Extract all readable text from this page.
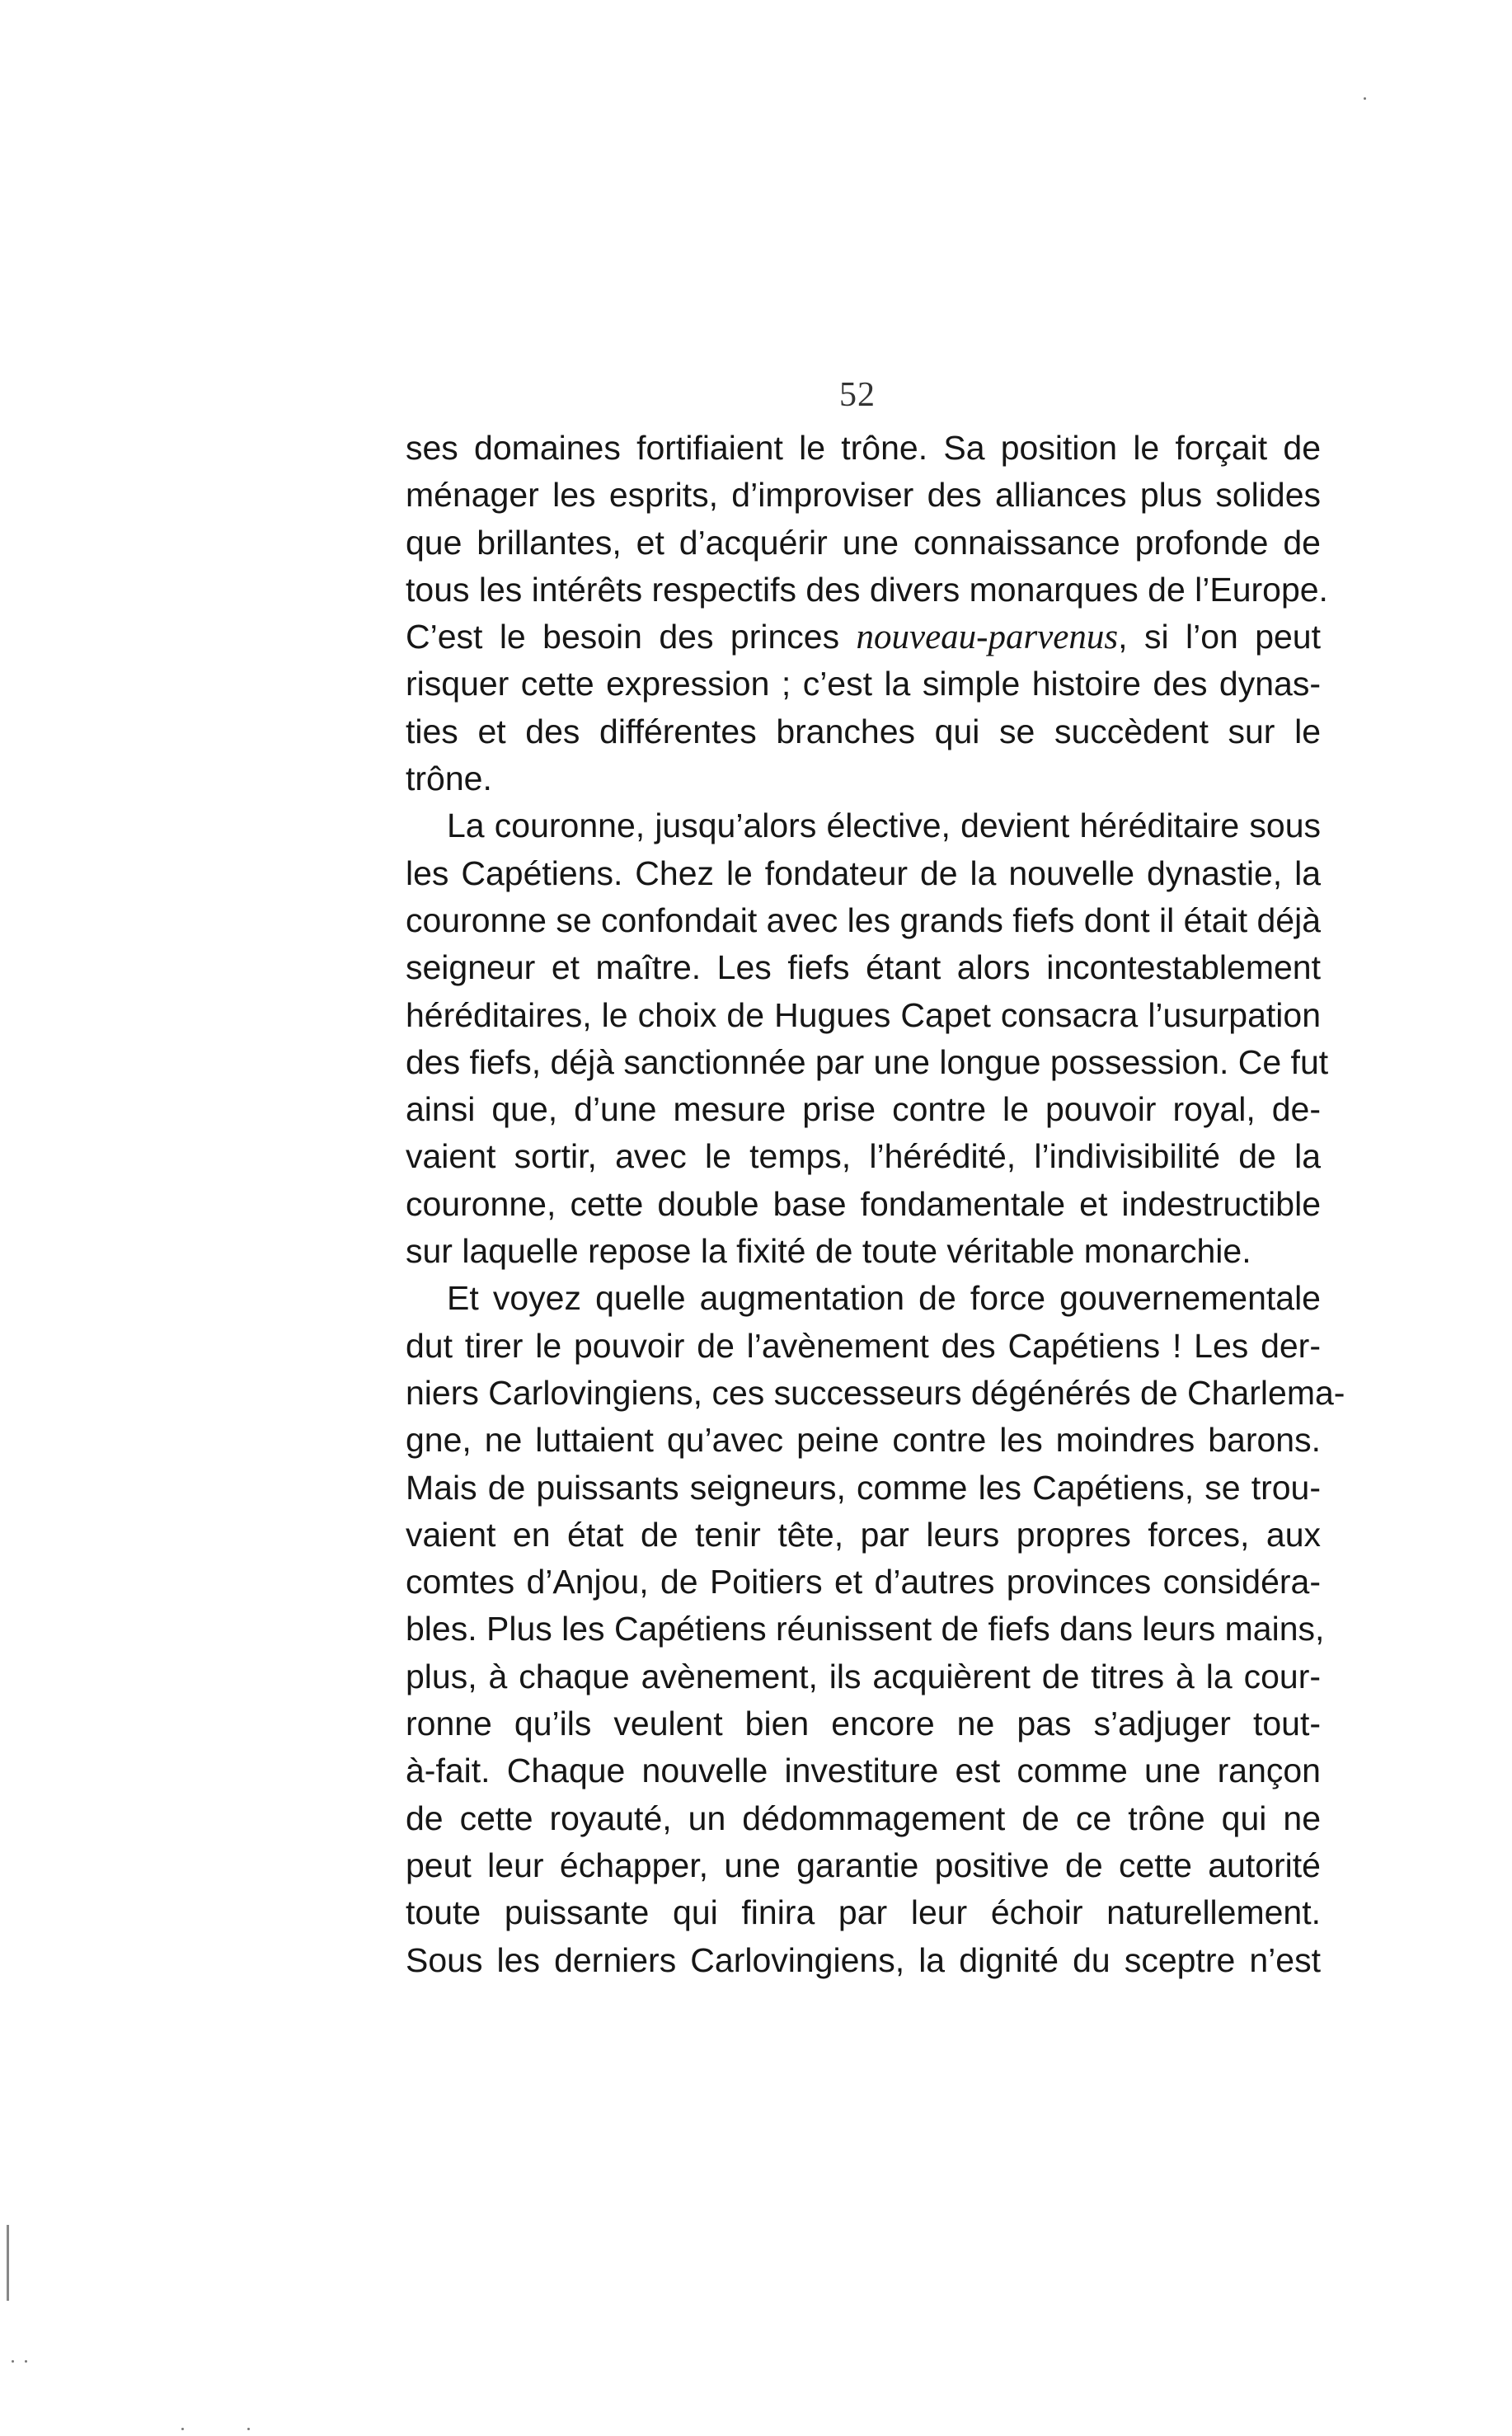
52
ses domaines fortifiaient le trône. Sa position le forçait de
ménager les esprits, d’improviser des alliances plus solides
que brillantes, et d’acquérir une connaissance profonde de
tous les intérêts respectifs des divers monarques de l’Europe.
C’est le besoin des princes nouveau-parvenus, si l’on peut
risquer cette expression ; c’est la simple histoire des dynas-
ties et des différentes branches qui se succèdent sur le
trône.
La couronne, jusqu’alors élective, devient héréditaire sous
les Capétiens. Chez le fondateur de la nouvelle dynastie, la
couronne se confondait avec les grands fiefs dont il était déjà
seigneur et maître. Les fiefs étant alors incontestablement
héréditaires, le choix de Hugues Capet consacra l’usurpation
des fiefs, déjà sanctionnée par une longue possession. Ce fut
ainsi que, d’une mesure prise contre le pouvoir royal, de-
vaient sortir, avec le temps, l’hérédité, l’indivisibilité de la
couronne, cette double base fondamentale et indestructible
sur laquelle repose la fixité de toute véritable monarchie.
Et voyez quelle augmentation de force gouvernementale
dut tirer le pouvoir de l’avènement des Capétiens ! Les der-
niers Carlovingiens, ces successeurs dégénérés de Charlema-
gne, ne luttaient qu’avec peine contre les moindres barons.
Mais de puissants seigneurs, comme les Capétiens, se trou-
vaient en état de tenir tête, par leurs propres forces, aux
comtes d’Anjou, de Poitiers et d’autres provinces considéra-
bles. Plus les Capétiens réunissent de fiefs dans leurs mains,
plus, à chaque avènement, ils acquièrent de titres à la cour-
ronne qu’ils veulent bien encore ne pas s’adjuger tout-
à-fait. Chaque nouvelle investiture est comme une rançon
de cette royauté, un dédommagement de ce trône qui ne
peut leur échapper, une garantie positive de cette autorité
toute puissante qui finira par leur échoir naturellement.
Sous les derniers Carlovingiens, la dignité du sceptre n’est
